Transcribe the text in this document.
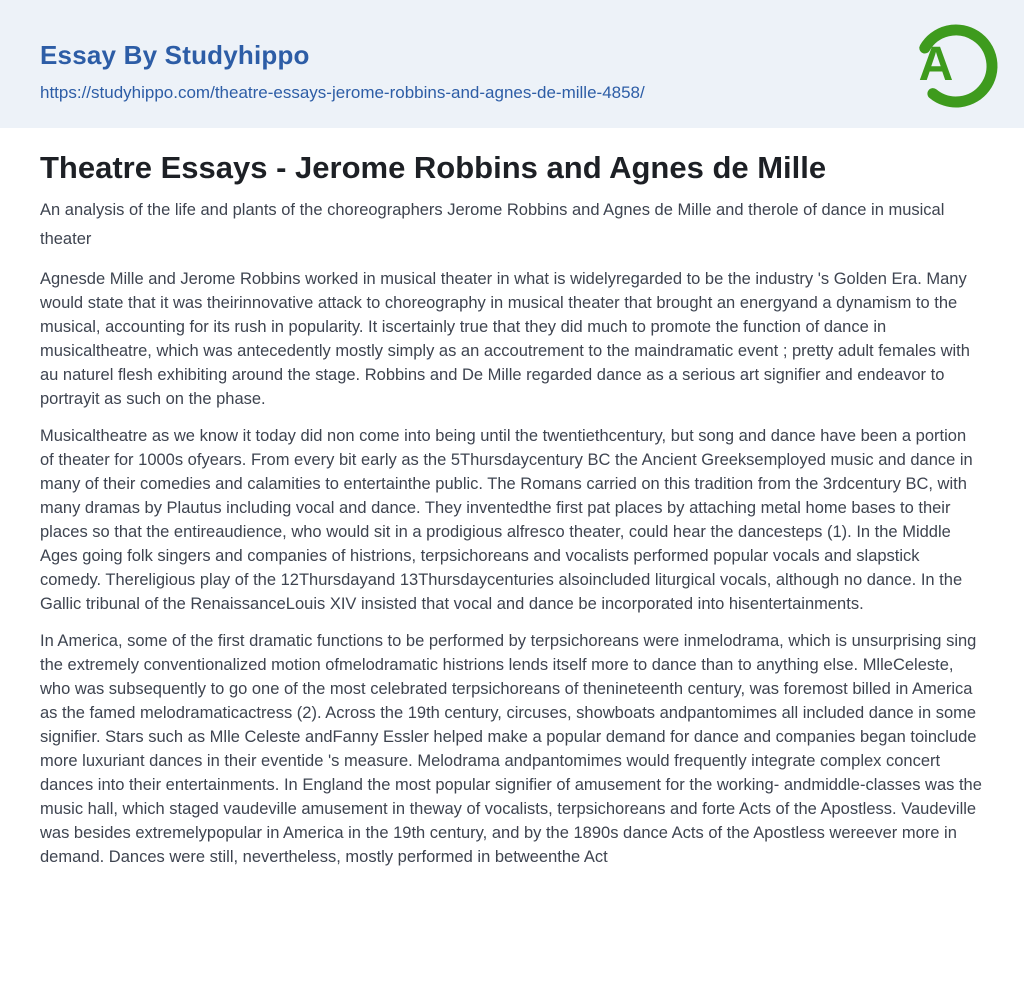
Essay By Studyhippo
https://studyhippo.com/theatre-essays-jerome-robbins-and-agnes-de-mille-4858/
A
Theatre Essays - Jerome Robbins and Agnes de Mille

An analysis of the life and plants of the choreographers Jerome Robbins and Agnes de Mille and therole of dance in musical theater

Agnesde Mille and Jerome Robbins worked in musical theater in what is widelyregarded to be the industry 's Golden Era. Many would state that it was theirinnovative attack to choreography in musical theater that brought an energyand a dynamism to the musical, accounting for its rush in popularity. It iscertainly true that they did much to promote the function of dance in musicaltheatre, which was antecedently mostly simply as an accoutrement to the maindramatic event ; pretty adult females with au naturel flesh exhibiting around the stage. Robbins and De Mille regarded dance as a serious art signifier and endeavor to portrayit as such on the phase.

Musicaltheatre as we know it today did non come into being until the twentiethcentury, but song and dance have been a portion of theater for 1000s ofyears. From every bit early as the 5Thursdaycentury BC the Ancient Greeksemployed music and dance in many of their comedies and calamities to entertainthe public. The Romans carried on this tradition from the 3rdcentury BC, with many dramas by Plautus including vocal and dance. They inventedthe first pat places by attaching metal home bases to their places so that the entireaudience, who would sit in a prodigious alfresco theater, could hear the dancesteps (1). In the Middle Ages going folk singers and companies of histrions, terpsichoreans and vocalists performed popular vocals and slapstick comedy. Thereligious play of the 12Thursdayand 13Thursdaycenturies alsoincluded liturgical vocals, although no dance. In the Gallic tribunal of the RenaissanceLouis XIV insisted that vocal and dance be incorporated into hisentertainments.

In America, some of the first dramatic functions to be performed by terpsichoreans were inmelodrama, which is unsurprising sing the extremely conventionalized motion ofmelodramatic histrions lends itself more to dance than to anything else. MlleCeleste, who was subsequently to go one of the most celebrated terpsichoreans of thenineteenth century, was foremost billed in America as the famed melodramaticactress (2). Across the 19th century, circuses, showboats andpantomimes all included dance in some signifier. Stars such as Mlle Celeste andFanny Essler helped make a popular demand for dance and companies began toinclude more luxuriant dances in their eventide 's measure. Melodrama andpantomimes would frequently integrate complex concert dances into their entertainments. In England the most popular signifier of amusement for the working- andmiddle-classes was the music hall, which staged vaudeville amusement in theway of vocalists, terpsichoreans and forte Acts of the Apostless. Vaudeville was besides extremelypopular in America in the 19th century, and by the 1890s dance Acts of the Apostless wereever more in demand. Dances were still, nevertheless, mostly performed in betweenthe Act
